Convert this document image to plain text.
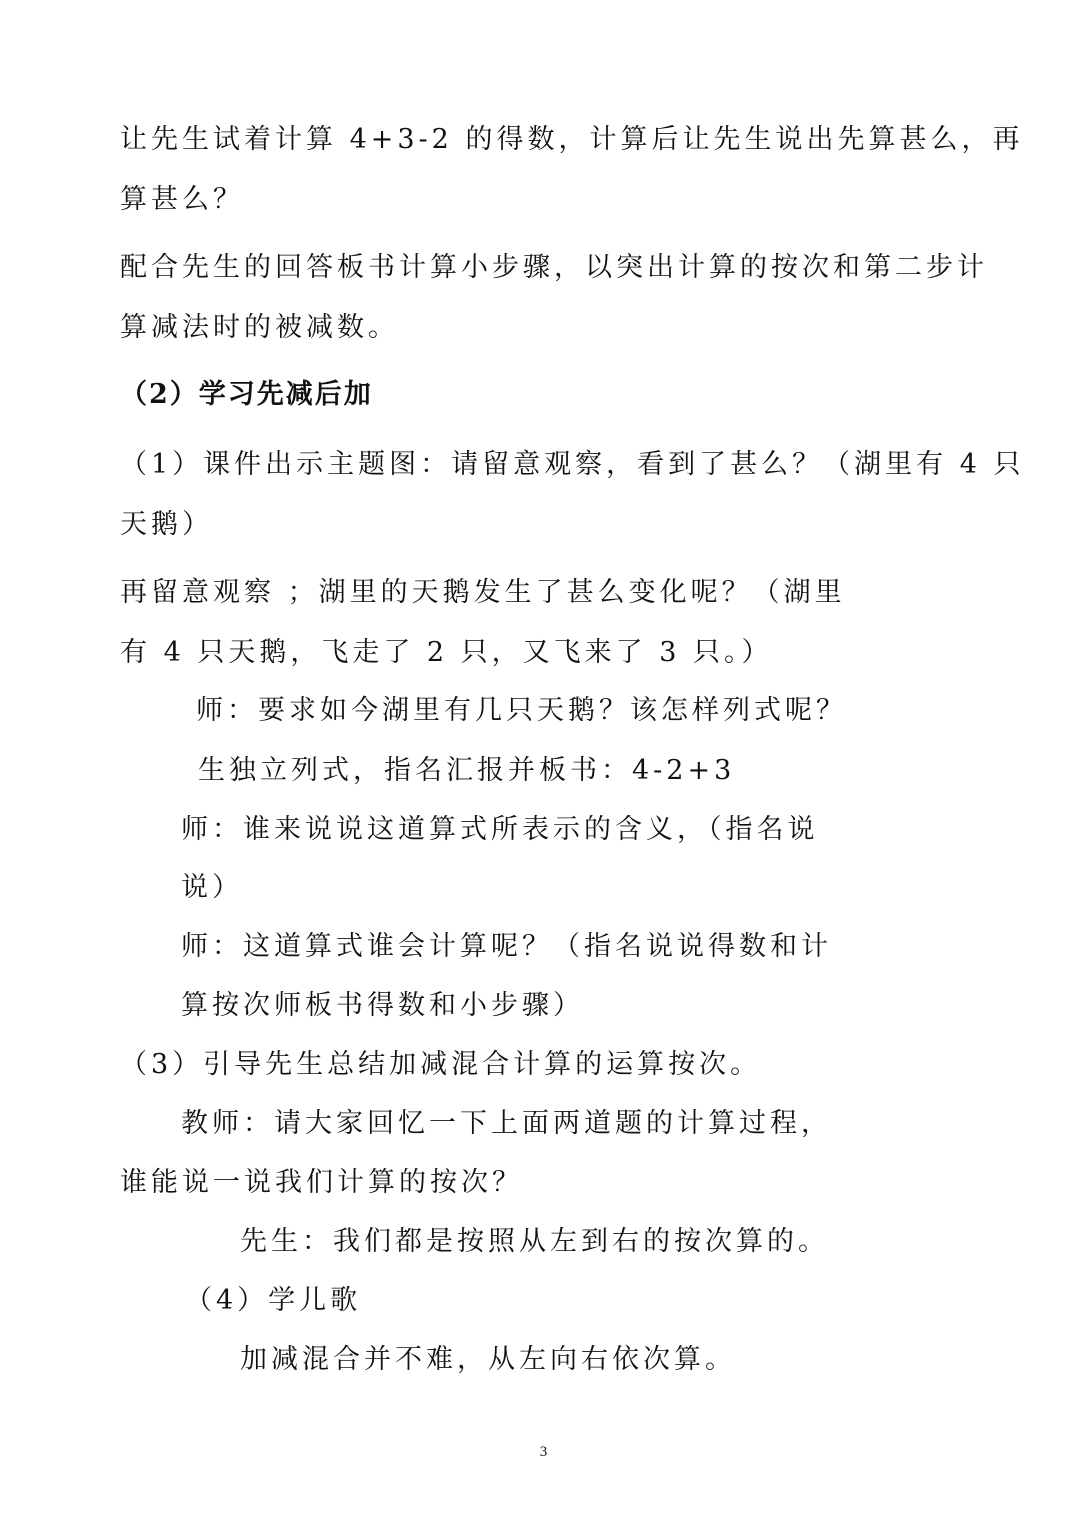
让先生试着计算 4+3-2 的得数，计算后让先生说出先算甚么，再
算甚么？
配合先生的回答板书计算小步骤，以突出计算的按次和第二步计
算减法时的被减数。
（2）学习先减后加
（1）课件出示主题图：请留意观察，看到了甚么？（湖里有 4 只
天鹅）
再留意观察 ；湖里的天鹅发生了甚么变化呢？（湖里
有 4 只天鹅，飞走了 2 只，又飞来了 3 只。）
师：要求如今湖里有几只天鹅？该怎样列式呢？
生独立列式，指名汇报并板书：4-2+3
师：谁来说说这道算式所表示的含义，（指名说
说）
师：这道算式谁会计算呢？（指名说说得数和计
算按次师板书得数和小步骤）
（3）引导先生总结加减混合计算的运算按次。
教师：请大家回忆一下上面两道题的计算过程，
谁能说一说我们计算的按次？
先生：我们都是按照从左到右的按次算的。
（4）学儿歌
加减混合并不难，从左向右依次算。
3
